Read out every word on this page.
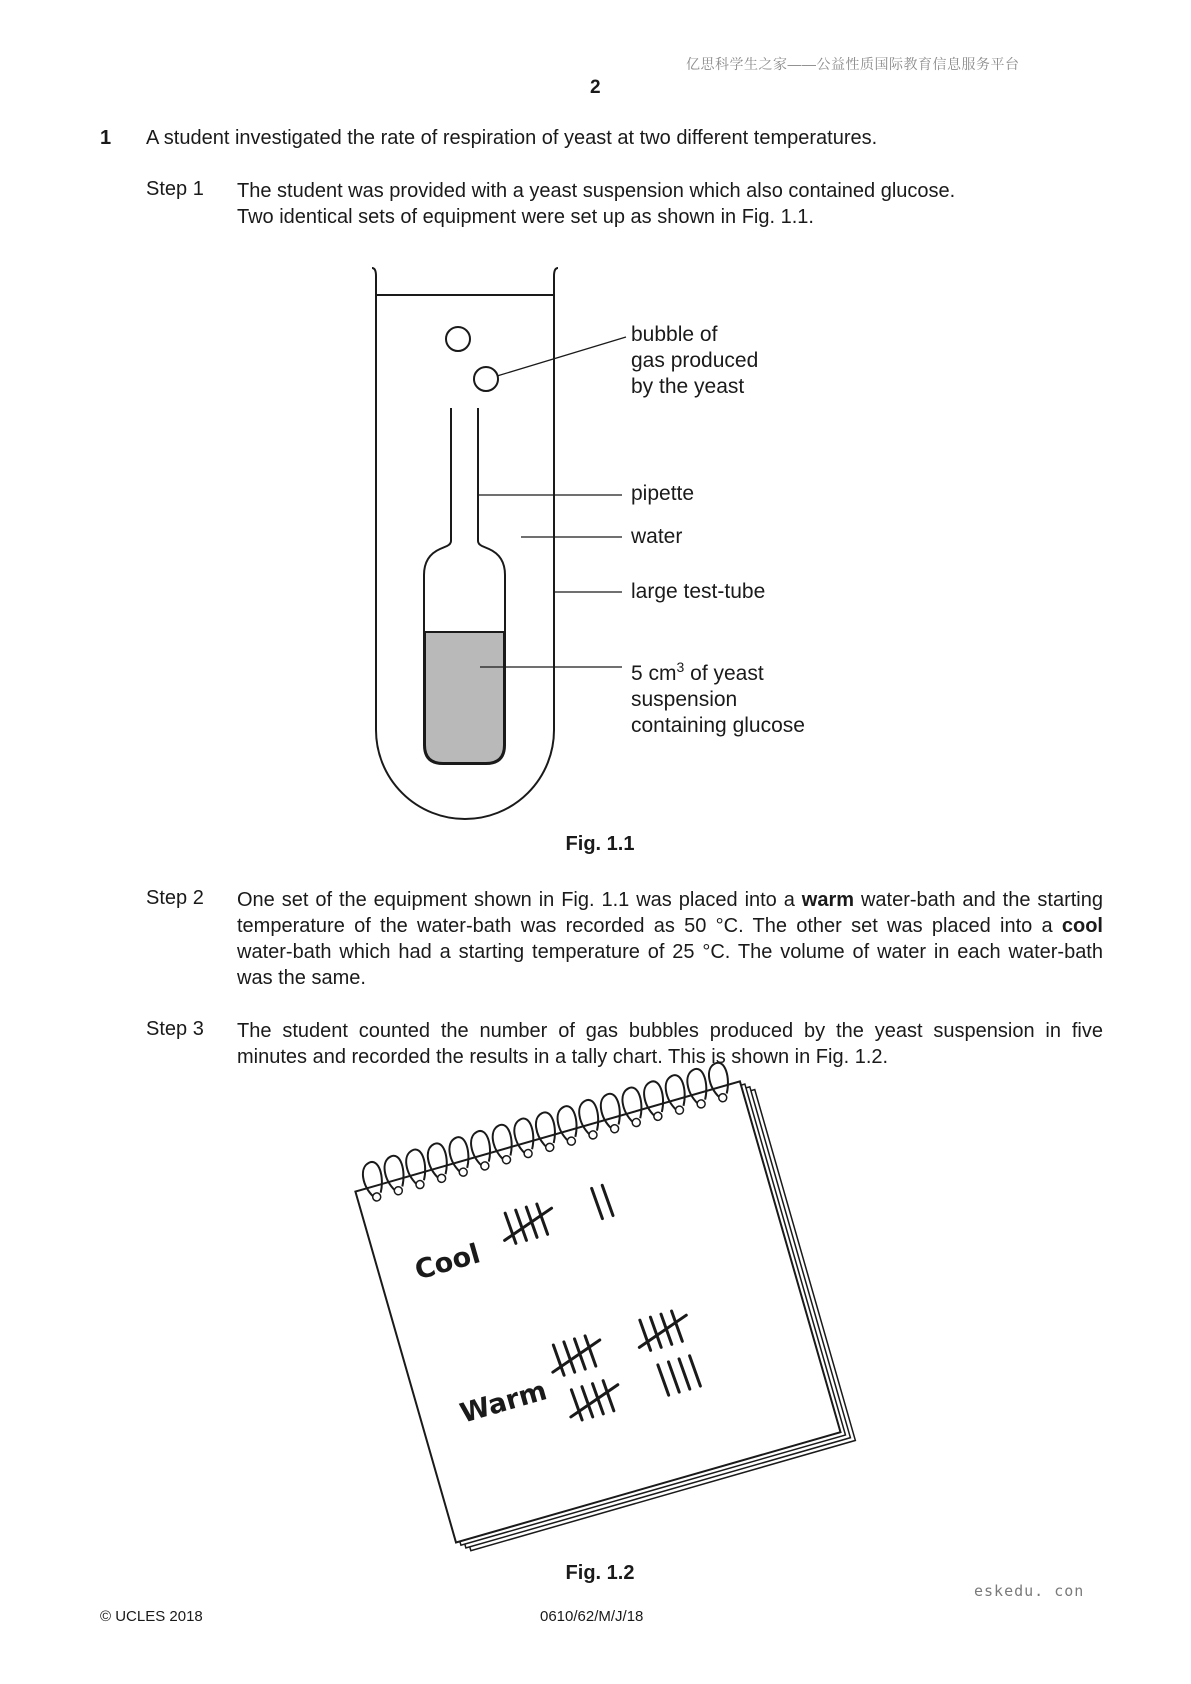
亿思科学生之家——公益性质国际教育信息服务平台
2
1 A student investigated the rate of respiration of yeast at two different temperatures.
Step 1 The student was provided with a yeast suspension which also contained glucose.
Two identical sets of equipment were set up as shown in Fig. 1.1.
bubble of
gas produced
by the yeast
pipette
water
large test-tube
5 $cm^3$ of yeast
suspension
containing glucose
Fig. 1.1
Step 2 One set of the equipment shown in Fig. 1.1 was placed into a warm water-bath and the starting temperature of the water-bath was recorded as 50 °C. The other set was placed into a cool water-bath which had a starting temperature of 25 °C. The volume of water in each water-bath was the same.
Step 3 The student counted the number of gas bubbles produced by the yeast suspension in five minutes and recorded the results in a tally chart. This is shown in Fig. 1.2.
Cool
Warm
Fig. 1.2
eskedu. con
© UCLES 2018	0610/62/M/J/18
